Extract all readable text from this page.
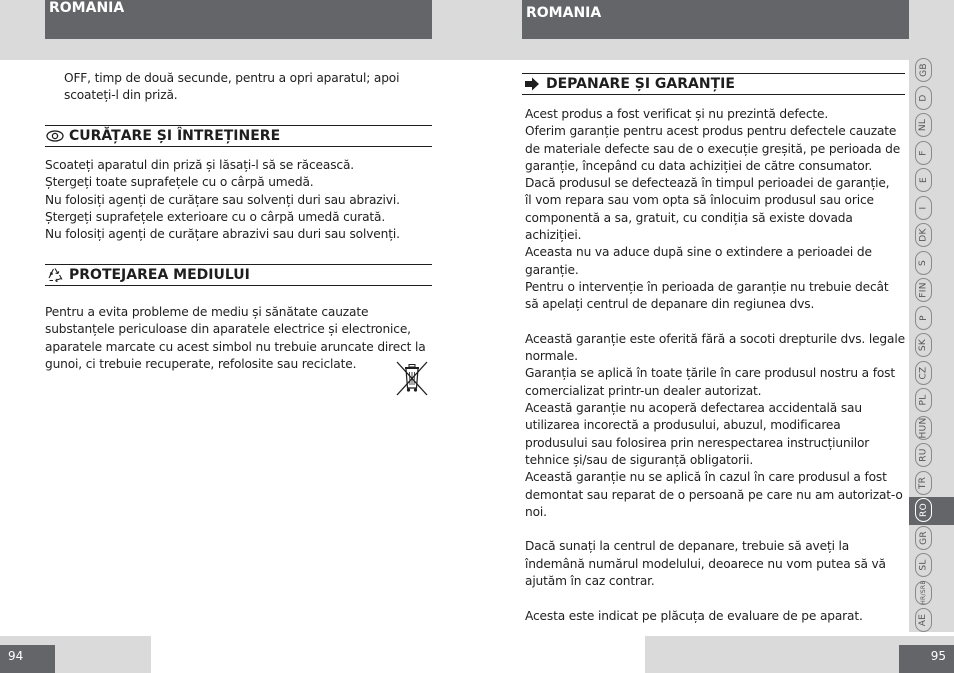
ROMANIA	ROMANIA
OFF, timp de două secunde, pentru a opri aparatul; apoi
scoateți-l din priză.
CURĂȚARE ȘI ÎNTREȚINERE
Scoateți aparatul din priză și lăsați-l să se răcească.
Ștergeți toate suprafețele cu o cârpă umedă.
Nu folosiți agenți de curățare sau solvenți duri sau abrazivi.
Ștergeți suprafețele exterioare cu o cârpă umedă curată.
Nu folosiți agenți de curățare abrazivi sau duri sau solvenți.
PROTEJAREA MEDIULUI
Pentru a evita probleme de mediu și sănătate cauzate
substanțele periculoase din aparatele electrice și electronice,
aparatele marcate cu acest simbol nu trebuie aruncate direct la
gunoi, ci trebuie recuperate, refolosite sau reciclate.
DEPANARE ȘI GARANȚIE
Acest produs a fost verificat și nu prezintă defecte.
Oferim garanție pentru acest produs pentru defectele cauzate
de materiale defecte sau de o execuție greșită, pe perioada de
garanție, începând cu data achiziției de către consumator.
Dacă produsul se defectează în timpul perioadei de garanție,
îl vom repara sau vom opta să înlocuim produsul sau orice
componentă a sa, gratuit, cu condiția să existe dovada
achiziției.
Aceasta nu va aduce după sine o extindere a perioadei de
garanție.
Pentru o intervenție în perioada de garanție nu trebuie decât
să apelați centrul de depanare din regiunea dvs.
Această garanție este oferită fără a socoti drepturile dvs. legale
normale.
Garanția se aplică în toate țările în care produsul nostru a fost
comercializat printr-un dealer autorizat.
Această garanție nu acoperă defectarea accidentală sau
utilizarea incorectă a produsului, abuzul, modificarea
produsului sau folosirea prin nerespectarea instrucțiunilor
tehnice și/sau de siguranță obligatorii.
Această garanție nu se aplică în cazul în care produsul a fost
demontat sau reparat de o persoană pe care nu am autorizat-o
noi.
Dacă sunați la centrul de depanare, trebuie să aveți la
îndemână numărul modelului, deoarece nu vom putea să vă
ajutăm în caz contrar.
Acesta este indicat pe plăcuța de evaluare de pe aparat.
GB
D
NL
F
E
I
DK
S
FIN
P
SK
CZ
PL
HUN
RU
TR
RO
GR
SL
HR/SRB
AE
94	95
